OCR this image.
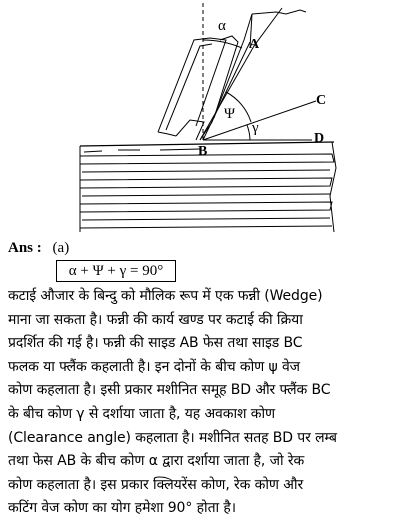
α
Ψ
γ
A
B
C
D
Ans : (a)
α + Ψ + γ = 90°
कटाई औजार के बिन्दु को मौलिक रूप में एक फन्नी (Wedge)
माना जा सकता है। फन्नी की कार्य खण्ड पर कटाई की क्रिया
प्रदर्शित की गई है। फन्नी की साइड AB फेस तथा साइड BC
फलक या फ्लैंक कहलाती है। इन दोनों के बीच कोण ψ वेज
कोण कहलाता है। इसी प्रकार मशीनित समूह BD और फ्लैंक BC
के बीच कोण γ से दर्शाया जाता है, यह अवकाश कोण
(Clearance angle) कहलाता है। मशीनित सतह BD पर लम्ब
तथा फेस AB के बीच कोण α द्वारा दर्शाया जाता है, जो रेक
कोण कहलाता है। इस प्रकार क्लियरेंस कोण, रेक कोण और
कटिंग वेज कोण का योग हमेशा 90° होता है।
